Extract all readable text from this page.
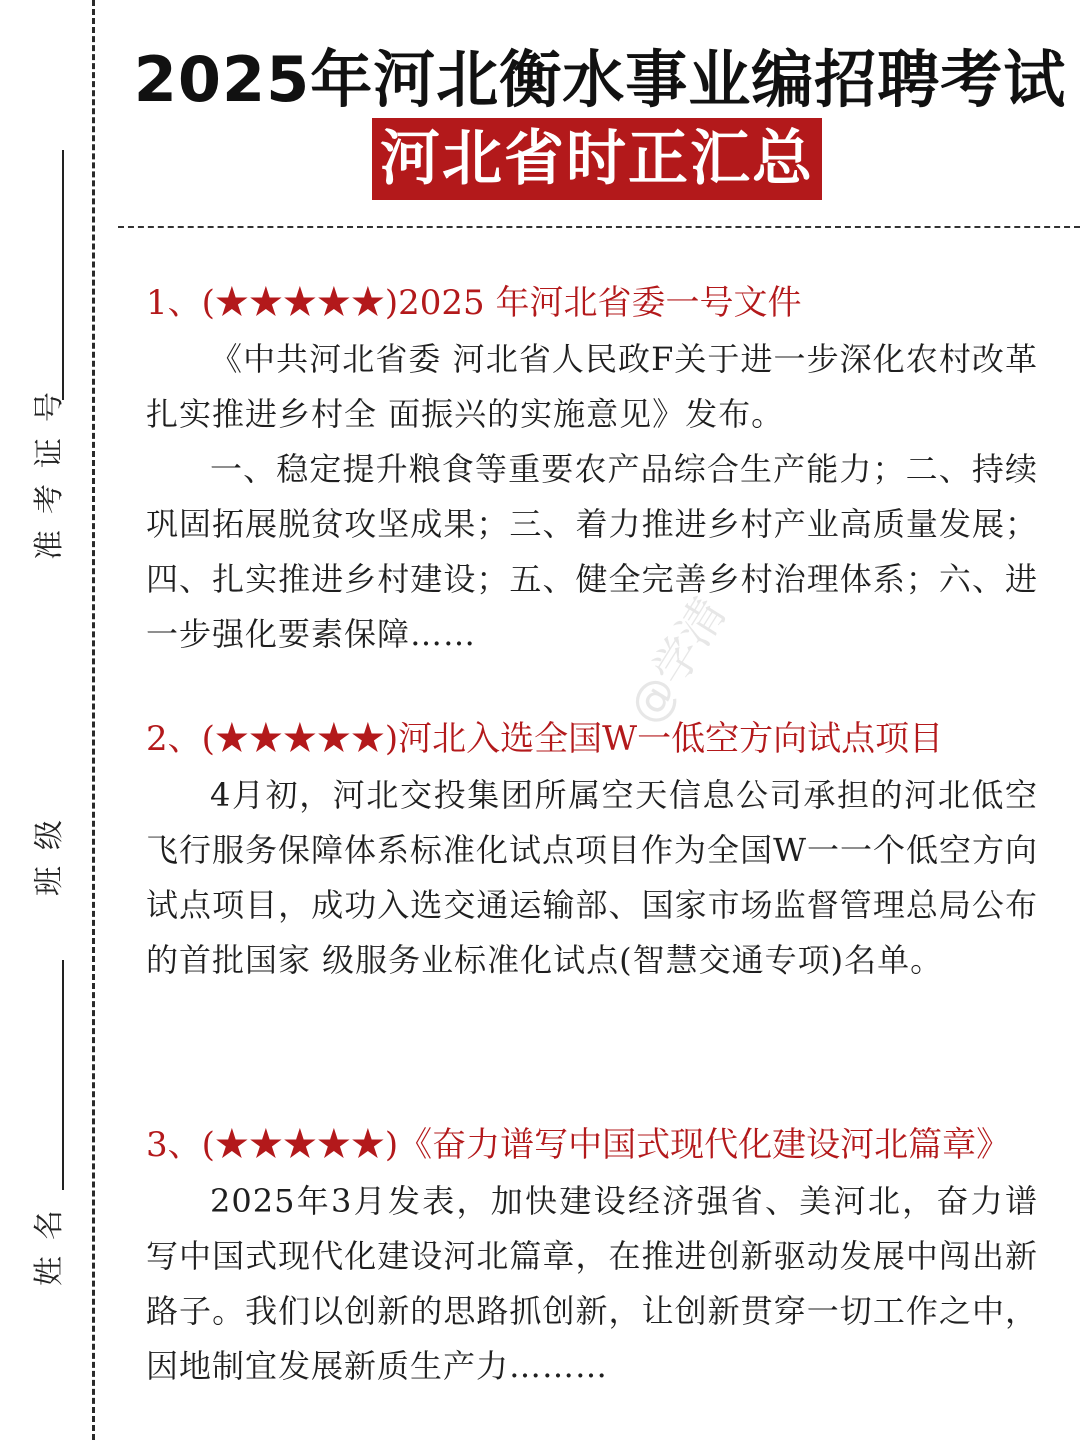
准考证号
班级
姓名
2025年河北衡水事业编招聘考试
河北省时正汇总
1、(★★★★★)2025 年河北省委一号文件

《中共河北省委 河北省人民政F关于进一步深化农村改革扎实推进乡村全 面振兴的实施意见》发布。

一、稳定提升粮食等重要农产品综合生产能力；二、持续巩固拓展脱贫攻坚成果；三、着力推进乡村产业高质量发展；四、扎实推进乡村建设；五、健全完善乡村治理体系；六、进一步强化要素保障……

2、(★★★★★)河北入选全国W一低空方向试点项目

4月初，河北交投集团所属空天信息公司承担的河北低空飞行服务保障体系标准化试点项目作为全国W一一个低空方向试点项目，成功入选交通运输部、国家市场监督管理总局公布的首批国家 级服务业标准化试点(智慧交通专项)名单。

3、(★★★★★)《奋力谱写中国式现代化建设河北篇章》

2025年3月发表，加快建设经济强省、美河北，奋力谱写中国式现代化建设河北篇章，在推进创新驱动发展中闯出新路子。我们以创新的思路抓创新，让创新贯穿一切工作之中，因地制宜发展新质生产力………

@学清
